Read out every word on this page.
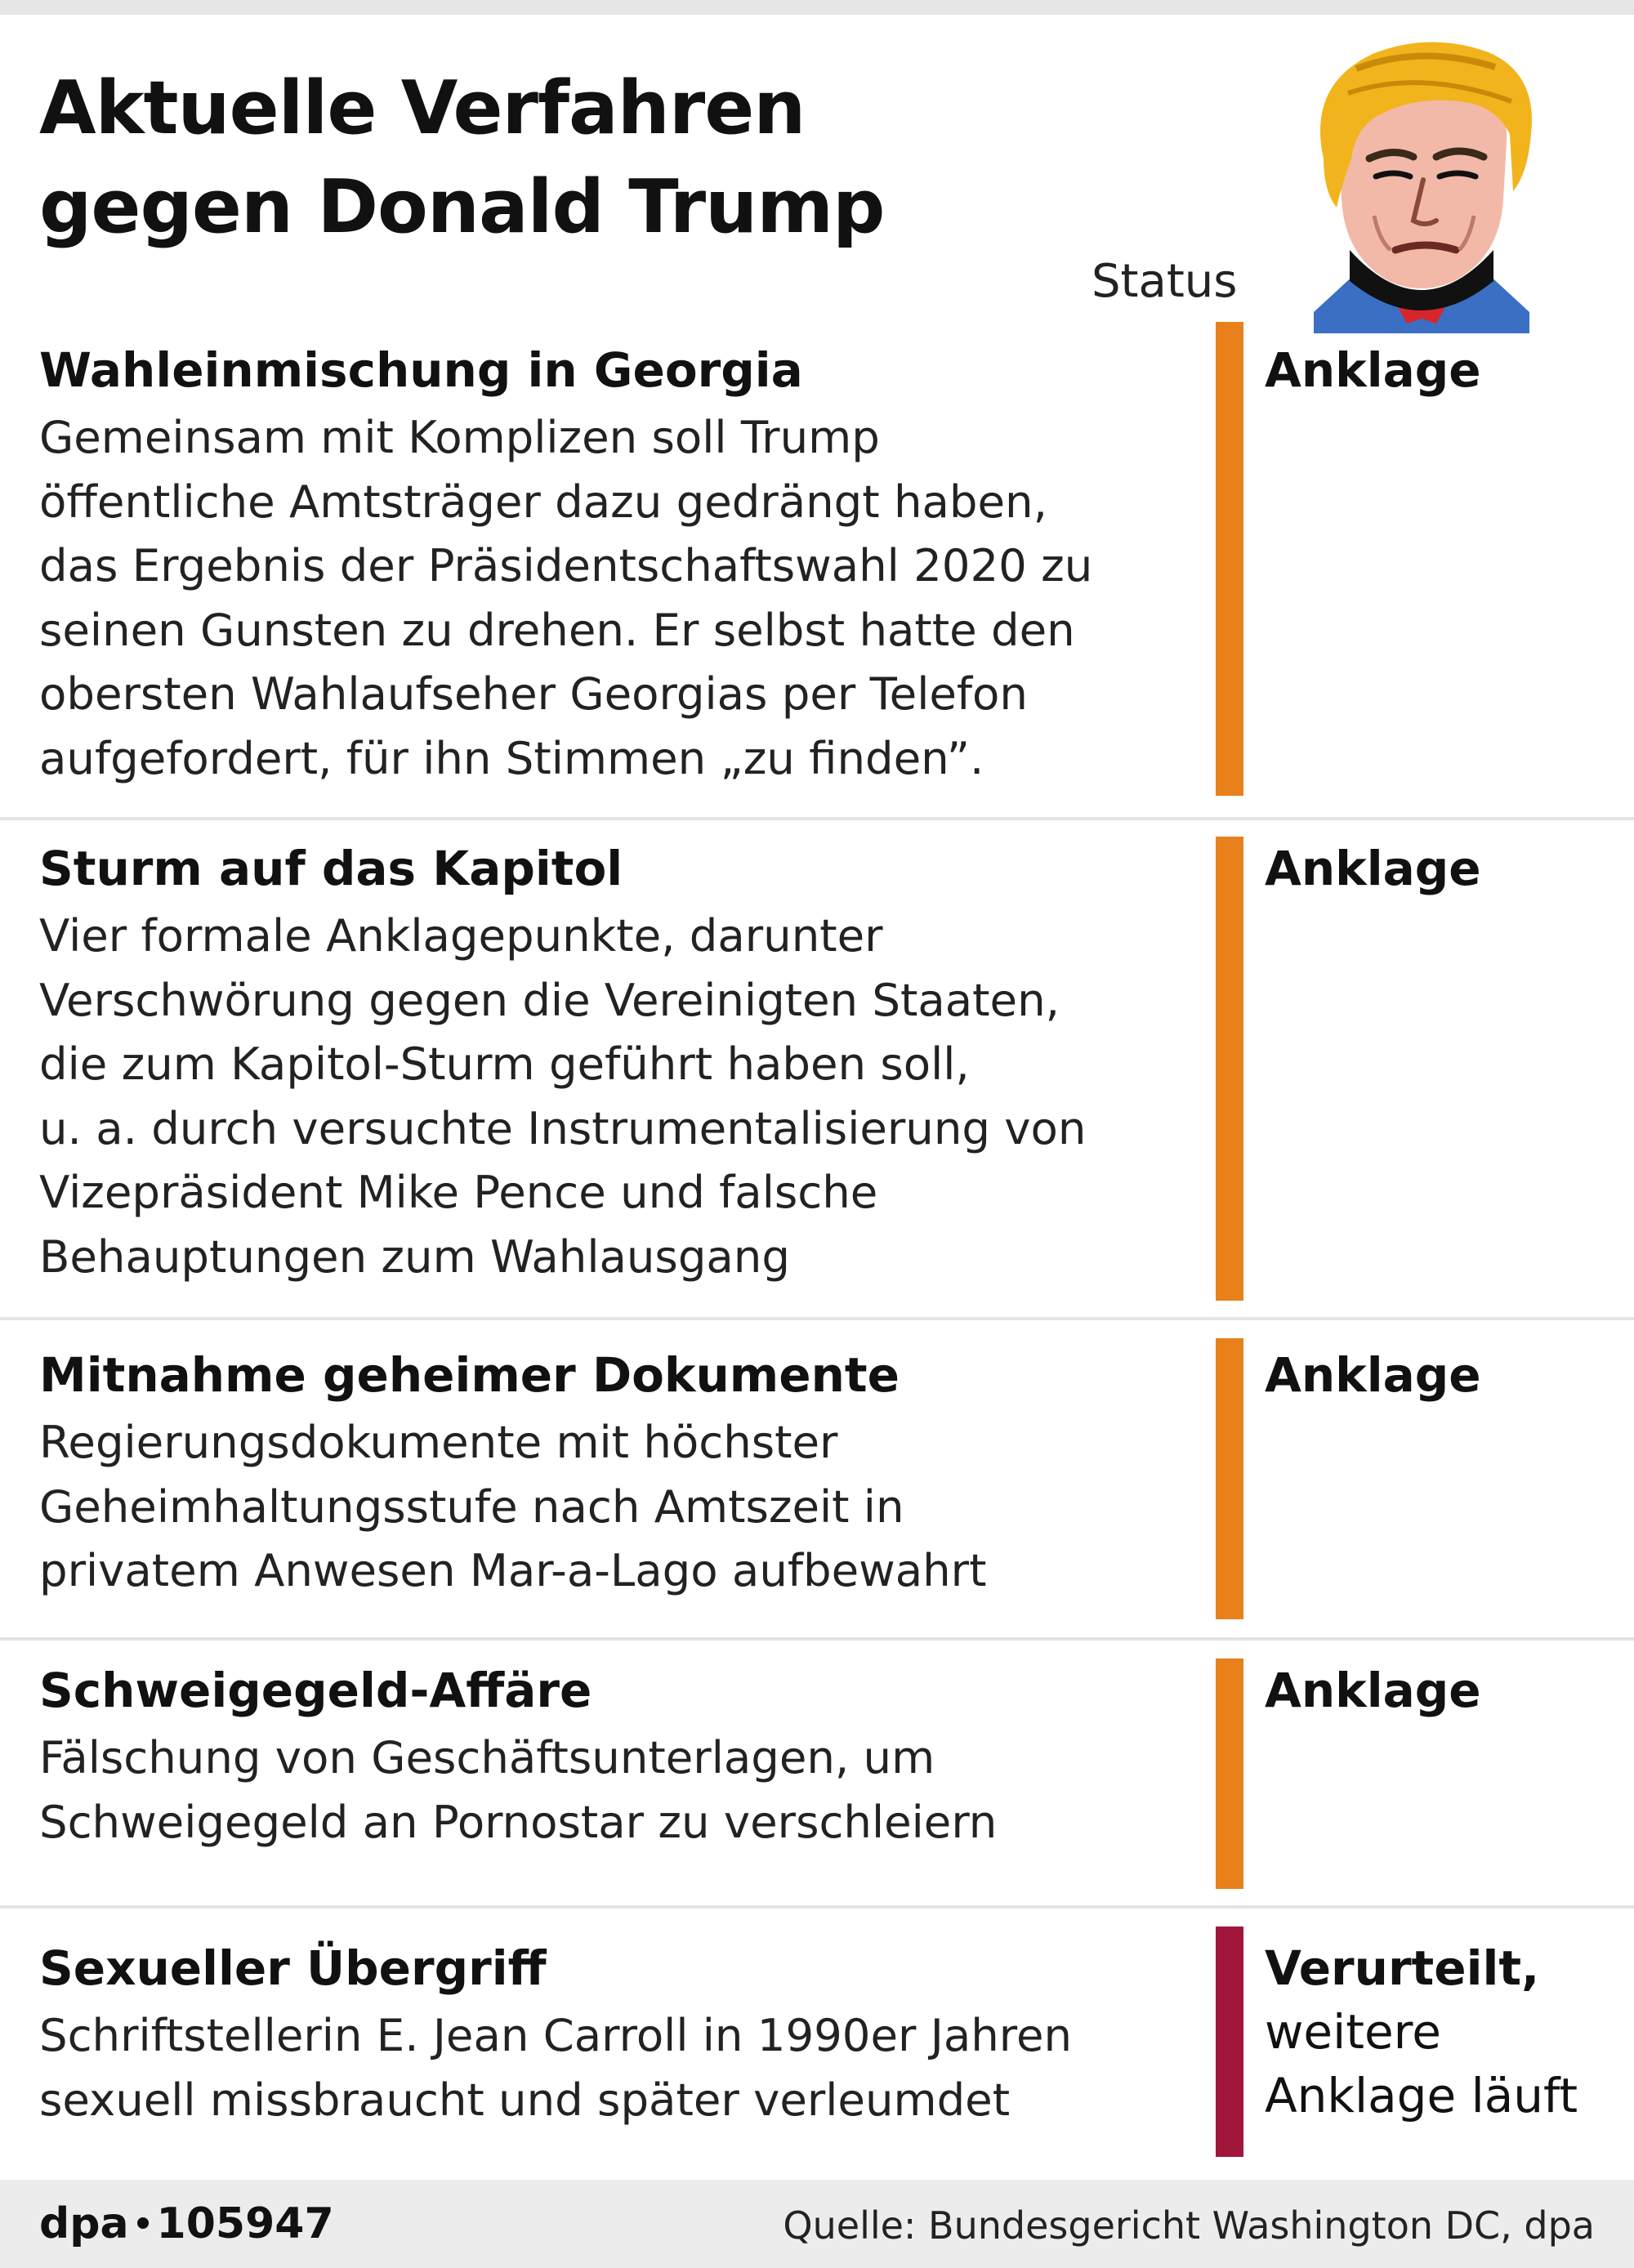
Aktuelle Verfahren
gegen Donald Trump
Status
Wahleinmischung in Georgia
Gemeinsam mit Komplizen soll Trump
öffentliche Amtsträger dazu gedrängt haben,
das Ergebnis der Präsidentschaftswahl 2020 zu
seinen Gunsten zu drehen. Er selbst hatte den
obersten Wahlaufseher Georgias per Telefon
aufgefordert, für ihn Stimmen „zu finden”.
Anklage
Sturm auf das Kapitol
Vier formale Anklagepunkte, darunter
Verschwörung gegen die Vereinigten Staaten,
die zum Kapitol-Sturm geführt haben soll,
u. a. durch versuchte Instrumentalisierung von
Vizepräsident Mike Pence und falsche
Behauptungen zum Wahlausgang
Anklage
Mitnahme geheimer Dokumente
Regierungsdokumente mit höchster
Geheimhaltungsstufe nach Amtszeit in
privatem Anwesen Mar-a-Lago aufbewahrt
Anklage
Schweigegeld-Affäre
Fälschung von Geschäftsunterlagen, um
Schweigegeld an Pornostar zu verschleiern
Anklage
Sexueller Übergriff
Schriftstellerin E. Jean Carroll in 1990er Jahren
sexuell missbraucht und später verleumdet
Verurteilt,
weitere
Anklage läuft
dpa 105947	Quelle: Bundesgericht Washington DC, dpa
